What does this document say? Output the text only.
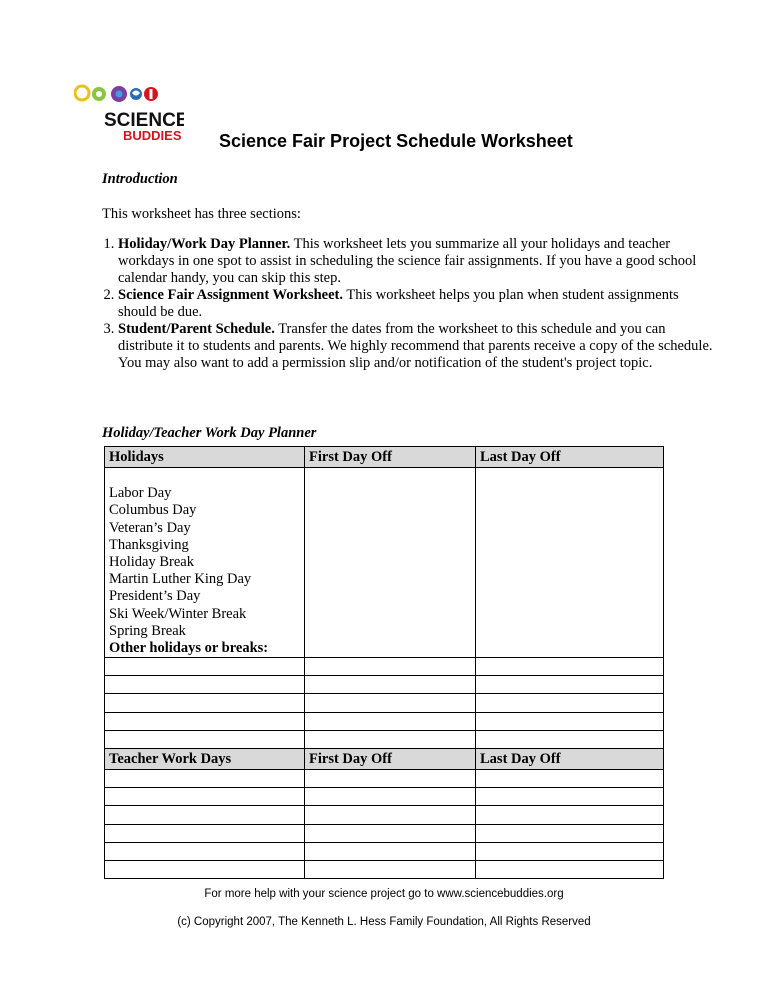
SCIENCE
BUDDIES Science Fair Project Schedule Worksheet
Introduction
This worksheet has three sections:
1. Holiday/Work Day Planner. This worksheet lets you summarize all your holidays and teacher workdays in one spot to assist in scheduling the science fair assignments. If you have a good school calendar handy, you can skip this step.
2. Science Fair Assignment Worksheet. This worksheet helps you plan when student assignments should be due.
3. Student/Parent Schedule. Transfer the dates from the worksheet to this schedule and you can distribute it to students and parents. We highly recommend that parents receive a copy of the schedule. You may also want to add a permission slip and/or notification of the student's project topic.
Holiday/Teacher Work Day Planner
Holidays	First Day Off	Last Day Off

Labor Day		
Columbus Day		
Veteran’s Day		
Thanksgiving		
Holiday Break		
Martin Luther King Day		
President’s Day		
Ski Week/Winter Break		
Spring Break		
Other holidays or breaks:		

Teacher Work Days	First Day Off	Last Day Off

For more help with your science project go to www.sciencebuddies.org
(c) Copyright 2007, The Kenneth L. Hess Family Foundation, All Rights Reserved
